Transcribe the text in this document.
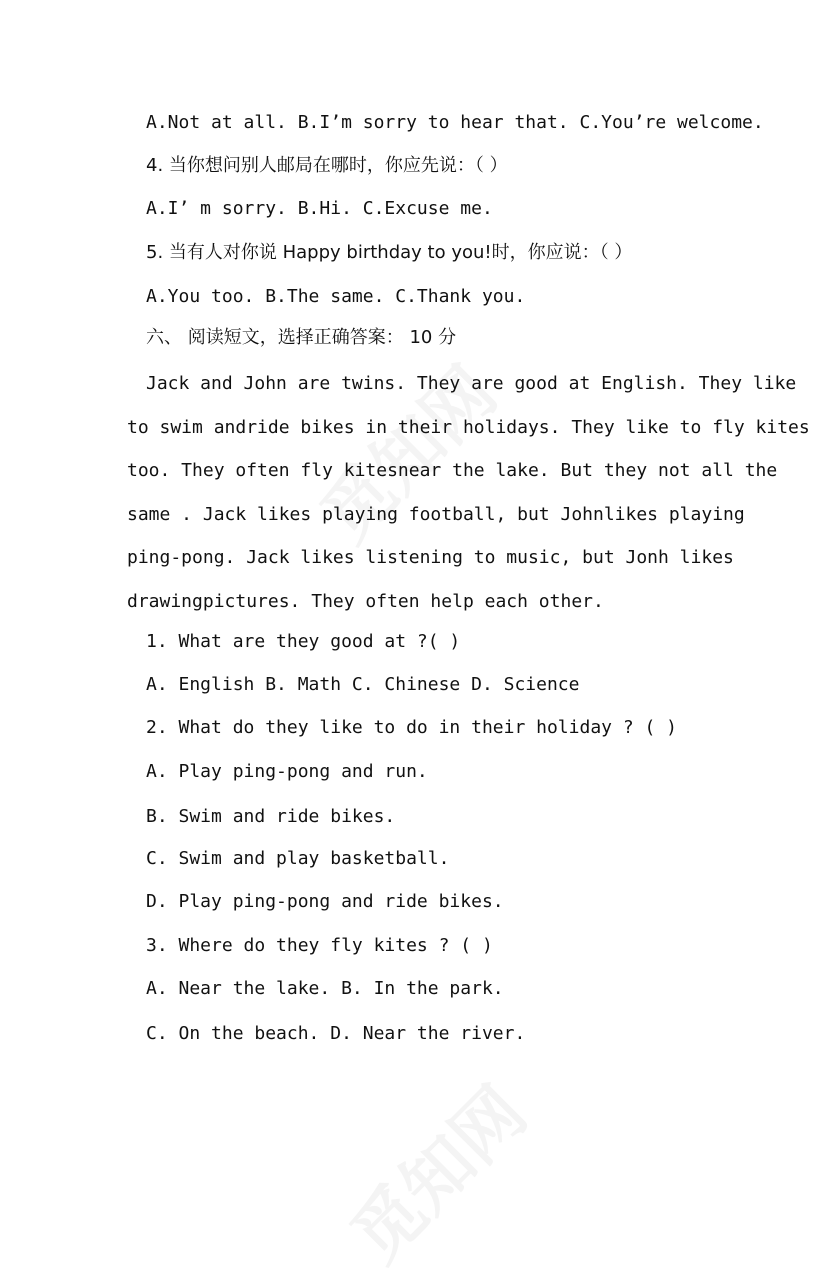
A.Not at all. B.I’m sorry to hear that. C.You’re welcome.
4. 当你想问别人邮局在哪时，你应先说：（ ）
A.I’ m sorry. B.Hi. C.Excuse me.
5. 当有人对你说 Happy birthday to you!时，你应说：（ ）
A.You too. B.The same. C.Thank you.
六、 阅读短文，选择正确答案： 10 分
Jack and John are twins. They are good at English. They like
to swim andride bikes in their holidays. They like to fly kites
too. They often fly kitesnear the lake. But they not all the
same . Jack likes playing football, but Johnlikes playing
ping-pong. Jack likes listening to music, but Jonh likes
drawingpictures. They often help each other.
1. What are they good at ?( )
A. English B. Math C. Chinese D. Science
2. What do they like to do in their holiday ? ( )
A. Play ping-pong and run.
B. Swim and ride bikes.
C. Swim and play basketball.
D. Play ping-pong and ride bikes.
3. Where do they fly kites ? ( )
A. Near the lake. B. In the park.
C. On the beach. D. Near the river.
